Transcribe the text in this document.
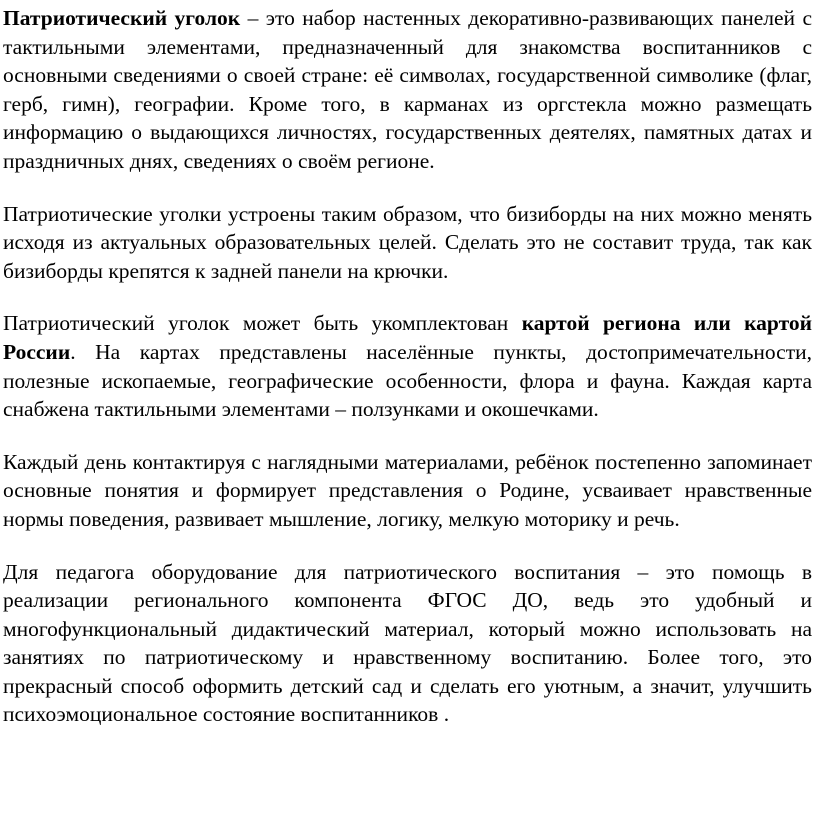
Патриотический уголок – это набор настенных декоративно-развивающих панелей с тактильными элементами, предназначенный для знакомства воспитанников с основными сведениями о своей стране: её символах, государственной символике (флаг, герб, гимн), географии. Кроме того, в карманах из оргстекла можно размещать информацию о выдающихся личностях, государственных деятелях, памятных датах и праздничных днях, сведениях о своём регионе.

Патриотические уголки устроены таким образом, что бизиборды на них можно менять исходя из актуальных образовательных целей. Сделать это не составит труда, так как бизиборды крепятся к задней панели на крючки.

Патриотический уголок может быть укомплектован картой региона или картой России. На картах представлены населённые пункты, достопримечательности, полезные ископаемые, географические особенности, флора и фауна. Каждая карта снабжена тактильными элементами – ползунками и окошечками.

Каждый день контактируя с наглядными материалами, ребёнок постепенно запоминает основные понятия и формирует представления о Родине, усваивает нравственные нормы поведения, развивает мышление, логику, мелкую моторику и речь.

Для педагога оборудование для патриотического воспитания – это помощь в реализации регионального компонента ФГОС ДО, ведь это удобный и многофункциональный дидактический материал, который можно использовать на занятиях по патриотическому и нравственному воспитанию. Более того, это прекрасный способ оформить детский сад и сделать его уютным, а значит, улучшить психоэмоциональное состояние воспитанников .
